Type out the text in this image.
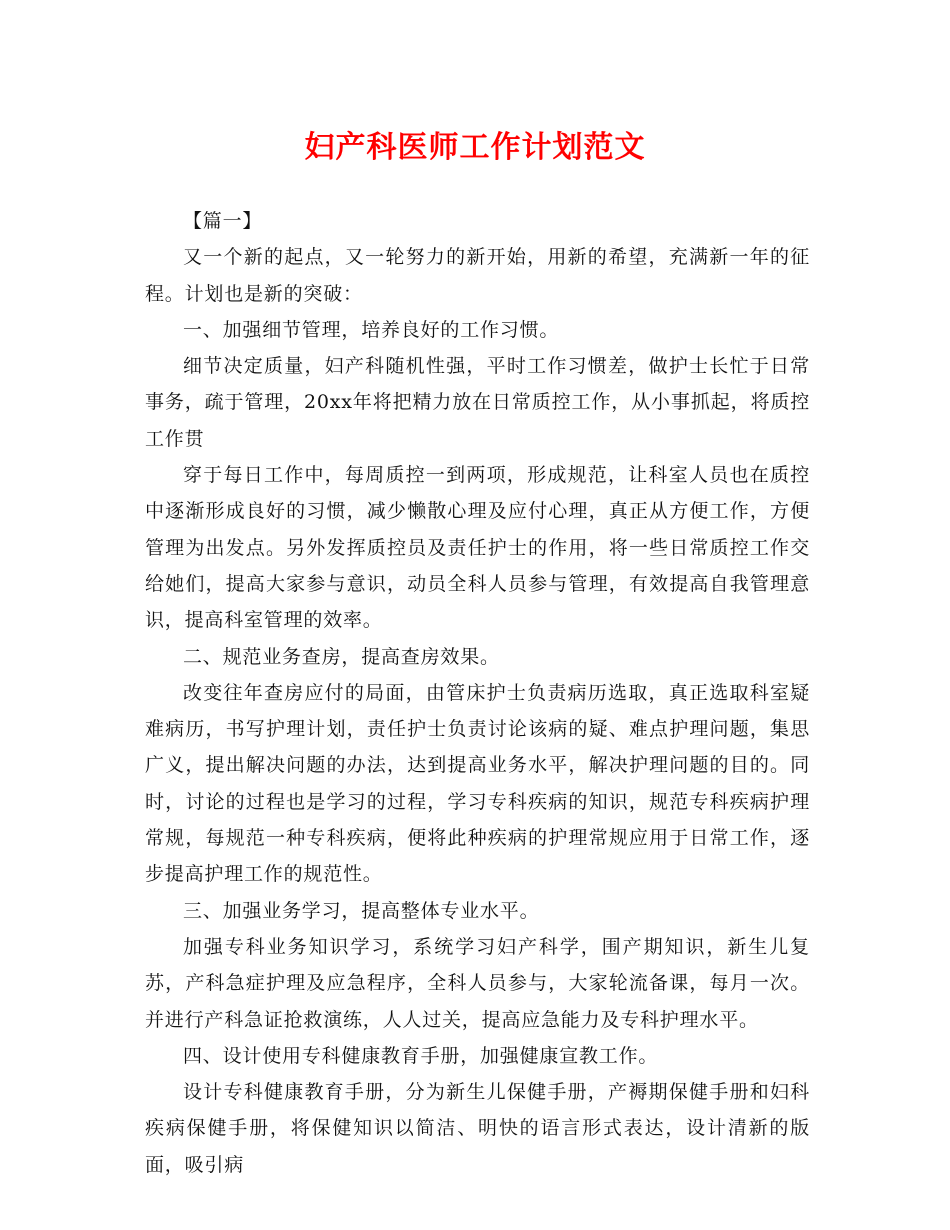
妇产科医师工作计划范文

【篇一】

又一个新的起点，又一轮努力的新开始，用新的希望，充满新一年的征程。计划也是新的突破：

一、加强细节管理，培养良好的工作习惯。

细节决定质量，妇产科随机性强，平时工作习惯差，做护士长忙于日常事务，疏于管理，20xx年将把精力放在日常质控工作，从小事抓起，将质控工作贯

穿于每日工作中，每周质控一到两项，形成规范，让科室人员也在质控中逐渐形成良好的习惯，减少懒散心理及应付心理，真正从方便工作，方便管理为出发点。另外发挥质控员及责任护士的作用，将一些日常质控工作交给她们，提高大家参与意识，动员全科人员参与管理，有效提高自我管理意识，提高科室管理的效率。

二、规范业务查房，提高查房效果。

改变往年查房应付的局面，由管床护士负责病历选取，真正选取科室疑难病历，书写护理计划，责任护士负责讨论该病的疑、难点护理问题，集思广义，提出解决问题的办法，达到提高业务水平，解决护理问题的目的。同时，讨论的过程也是学习的过程，学习专科疾病的知识，规范专科疾病护理常规，每规范一种专科疾病，便将此种疾病的护理常规应用于日常工作，逐步提高护理工作的规范性。

三、加强业务学习，提高整体专业水平。

加强专科业务知识学习，系统学习妇产科学，围产期知识，新生儿复苏，产科急症护理及应急程序，全科人员参与，大家轮流备课，每月一次。并进行产科急证抢救演练，人人过关，提高应急能力及专科护理水平。

四、设计使用专科健康教育手册，加强健康宣教工作。

设计专科健康教育手册，分为新生儿保健手册，产褥期保健手册和妇科疾病保健手册，将保健知识以简洁、明快的语言形式表达，设计清新的版面，吸引病
